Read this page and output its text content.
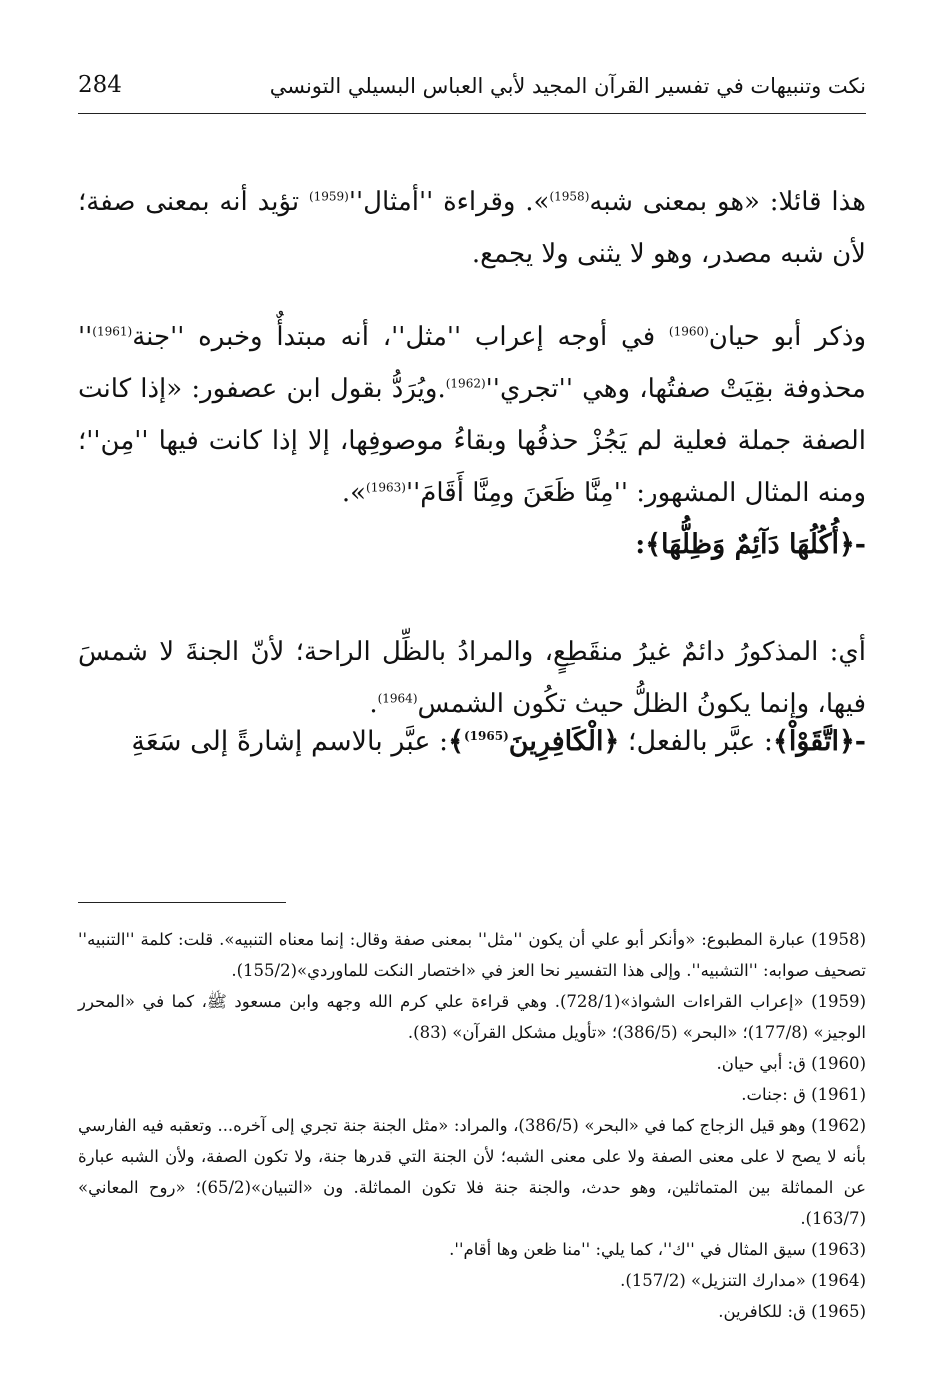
284	نكت وتنبيهات في تفسير القرآن المجيد لأبي العباس البسيلي التونسي

هذا قائلا: «هو بمعنى شبه$^{(1958)}$». وقراءة ''$أمثال''^{(1959)}$ تؤيد أنه بمعنى صفة؛ لأن شبه مصدر، وهو لا يثنى ولا يجمع.

وذكر أبو حيان$^{(1960)}$ في أوجه إعراب ''مثل''، أنه مبتدأٌ وخبره ''جنة$^{(1961)}$'' محذوفة بقِيَتْ صفتُها، وهي ''$تجري''^{(1962)}.ويُرَدُّ$ بقول ابن عصفور: «إذا كانت الصفة جملة فعلية لم يَجُزْ حذفُها وبقاءُ موصوفِها، إلا إذا كانت فيها ''مِن''؛ ومنه المثال المشهور: ''مِنَّا ظَعَنَ ومِنَّا $أَقَامَ''^{(1963)}$».

-﴿أُكُلُهَا دَآئِمٌ وَظِلُّهَا﴾:

أي: المذكورُ دائمٌ غيرُ منقَطِعٍ، والمرادُ بالظِّل الراحة؛ لأنّ الجنةَ لا شمسَ فيها، وإنما يكونُ الظلُّ حيث تكُون الشمس$^{(1964)}$.

-﴿اتَّقَوْاْ﴾: عبَّر بالفعل؛ ﴿الْكَافِرِينَ$^{(1965)}$﴾: عبَّر بالاسم إشارةً إلى سَعَةِ

(1958) عبارة المطبوع: «وأنكر أبو علي أن يكون ''مثل'' بمعنى صفة وقال: إنما معناه التنبيه». قلت: كلمة ''التنبيه'' تصحيف صوابه: ''التشبيه''. وإلى هذا التفسير نحا العز في «اختصار النكت للماوردي»(155/2).

(1959) «إعراب القراءات الشواذ»(728/1). وهي قراءة علي كرم الله وجهه وابن مسعود ﷺ، كما في «المحرر الوجيز» (177/8)؛ «البحر» (386/5)؛ «تأويل مشكل القرآن» (83).

(1960) ق: أبي حيان.

(1961) ق :جنات.

(1962) وهو قيل الزجاج كما في «البحر» (386/5)، والمراد: «مثل الجنة جنة تجري إلى آخره... وتعقبه فيه الفارسي بأنه لا يصح لا على معنى الصفة ولا على معنى الشبه؛ لأن الجنة التي قدرها جنة، ولا تكون الصفة، ولأن الشبه عبارة عن المماثلة بين المتماثلين، وهو حدث، والجنة جنة فلا تكون المماثلة. ون «التبيان»(65/2)؛ «روح المعاني» (163/7).

(1963) سيق المثال في ''ك''، كما يلي: ''منا ظعن وها أقام''.

(1964) «مدارك التنزيل» (157/2).

(1965) ق: للكافرين.
